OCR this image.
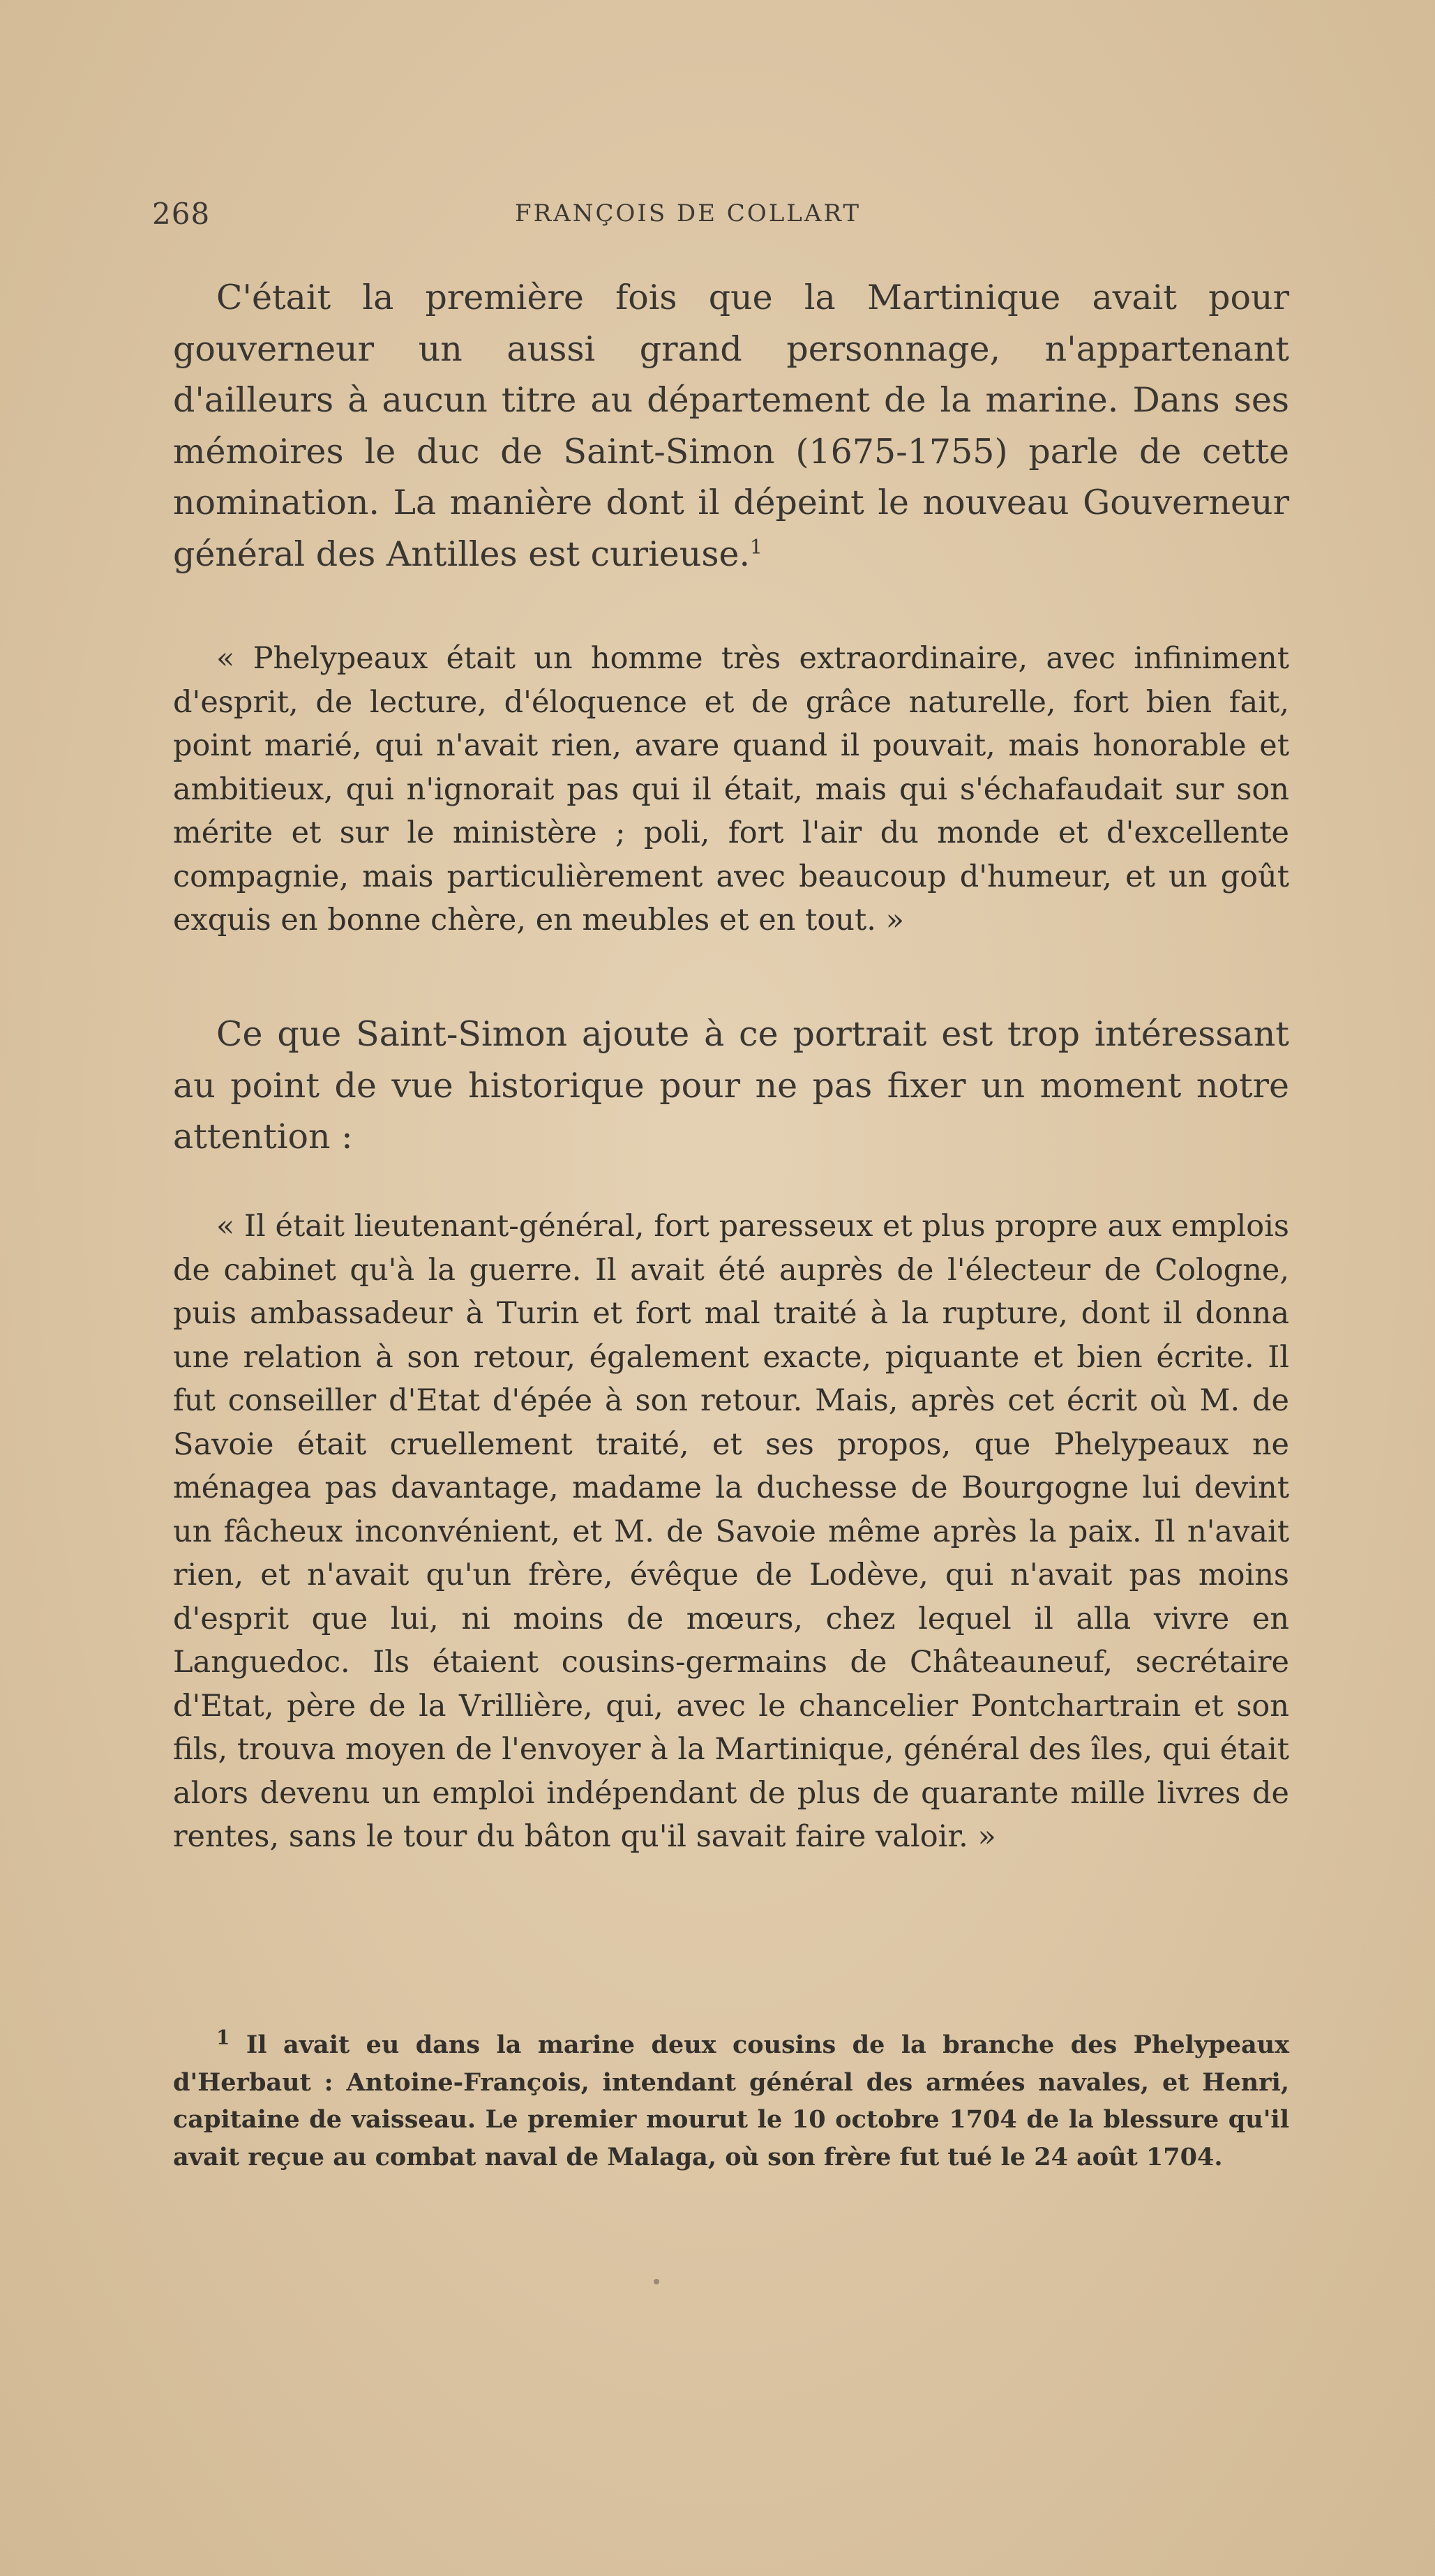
268	FRANÇOIS DE COLLART

C'était la première fois que la Martinique avait pour gouverneur un aussi grand personnage, n'appartenant d'ailleurs à aucun titre au département de la marine. Dans ses mémoires le duc de Saint-Simon (1675-1755) parle de cette nomination. La manière dont il dépeint le nouveau Gouverneur général des Antilles est curieuse.$^1$

« Phelypeaux était un homme très extraordinaire, avec infiniment d'esprit, de lecture, d'éloquence et de grâce naturelle, fort bien fait, point marié, qui n'avait rien, avare quand il pouvait, mais honorable et ambitieux, qui n'ignorait pas qui il était, mais qui s'échafaudait sur son mérite et sur le ministère ; poli, fort l'air du monde et d'excellente compagnie, mais particulièrement avec beaucoup d'humeur, et un goût exquis en bonne chère, en meubles et en tout. »

Ce que Saint-Simon ajoute à ce portrait est trop intéressant au point de vue historique pour ne pas fixer un moment notre attention :

« Il était lieutenant-général, fort paresseux et plus propre aux emplois de cabinet qu'à la guerre. Il avait été auprès de l'électeur de Cologne, puis ambassadeur à Turin et fort mal traité à la rupture, dont il donna une relation à son retour, également exacte, piquante et bien écrite. Il fut conseiller d'Etat d'épée à son retour. Mais, après cet écrit où M. de Savoie était cruellement traité, et ses propos, que Phelypeaux ne ménagea pas davantage, madame la duchesse de Bourgogne lui devint un fâcheux inconvénient, et M. de Savoie même après la paix. Il n'avait rien, et n'avait qu'un frère, évêque de Lodève, qui n'avait pas moins d'esprit que lui, ni moins de mœurs, chez lequel il alla vivre en Languedoc. Ils étaient cousins-germains de Châteauneuf, secrétaire d'Etat, père de la Vrillière, qui, avec le chancelier Pontchartrain et son fils, trouva moyen de l'envoyer à la Martinique, général des îles, qui était alors devenu un emploi indépendant de plus de quarante mille livres de rentes, sans le tour du bâton qu'il savait faire valoir. »

$^1$ Il avait eu dans la marine deux cousins de la branche des Phelypeaux d'Herbaut : Antoine-François, intendant général des armées navales, et Henri, capitaine de vaisseau. Le premier mourut le 10 octobre 1704 de la blessure qu'il avait reçue au combat naval de Malaga, où son frère fut tué le 24 août 1704.
